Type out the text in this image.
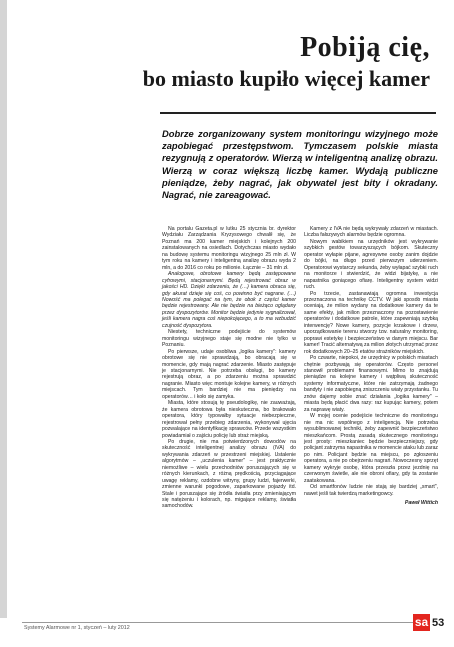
Pobiją cię,
bo miasto kupiło więcej kamer
Dobrze zorganizowany system monitoringu wizyjnego może zapobiegać przestępstwom. Tymczasem polskie miasta rezygnują z operatorów. Wierzą w inteligentną analizę obrazu. Wierzą w coraz większą liczbę kamer. Wydają publiczne pieniądze, żeby nagrać, jak obywatel jest bity i okradany. Nagrać, nie zareagować.

Na portalu Gazeta.pl w lutku 25 stycznia br. dyrektor Wydziału Zarządzania Kryzysowego chwalił się, że Poznań ma 200 kamer miejskich i kolejnych 200 zainstalowanych na osiedlach. Dotychczas miasto wydało na budowę systemu monitoringu wizyjnego 25 mln zł. W tym roku na kamery i inteligentną analizę obrazu wyda 2 mln, a do 2016 co roku po milionie. Łącznie – 31 mln zł.

Analogowe, obrotowe kamery będą zastępowane cyfrowymi, stacjonarnymi. Będą rejestrować obraz w jakości HD. Dzięki zdarzeniu, że (…) kamera obraca się, gdy akurat dzieje się coś, co powinno być nagrane. (…) Nowość ma polegać na tym, że obok z części kamer będzie rejestrowany. Ale nie będzie na bieżąco oglądany przez dyspozytorów. Monitor będzie jedynie sygnalizował, jeśli kamera nagra coś niepokojącego, a to ma wzbudzić czujność dyspozytora.

Niestety, techniczne podejście do systemów monitoringu wizyjnego staje się modne nie tylko w Poznaniu.

Po pierwsze, udaje osobliwa „logika kamery": kamery obrotowe się nie sprawdzają, bo obracają się w momencie, gdy mają nagrać zdarzenie. Miasto zastępuje je stacjonarnymi. Nie potrzeba obsługi, bo kamery rejestrują obraz, a po zdarzeniu można sprawdzić nagranie. Miasto więc montuje kolejne kamery, w różnych miejscach. Tym bardziej nie ma pieniędzy na operatorów… i koło się zamyka.

Miasta, które stosują tę pseudologikę, nie zauważają, że kamera obrotowa była nieskuteczna, bo brakowało operatora, który typowałby sytuacje niebezpieczne, rejestrował pełny przebieg zdarzenia, wykonywał ujęcia pozwalające na identyfikację sprawców. Przede wszystkim powiadamiał o zajściu policję lub straż miejską.

Po drugie, nie ma potwierdzonych dowodów na skuteczność inteligentnej analizy obrazu (IVA) do wykrywania zdarzeń w przestrzeni miejskiej. Ustalenie algorytmów – „uczulenia kamer" – jest praktycznie niemożliwe – wielu przechodniów poruszających się w różnych kierunkach, z różną prędkością, przyciągające uwagę reklamy, ozdobne witryny, grupy ludzi, fajerwerki, zmienne warunki pogodowe, zaparkowane pojazdy itd. Stale i poruszające się źródła światła przy zmieniającym się natężeniu i kolorach, np. migające reklamy, światła samochodów.

Kamery z IVA nie będą wykrywały zdarzeń w miastach. Liczba fałszywych alarmów będzie ogromna.

Nowym wabikiem na urzędników jest wykrywanie szybkich gestów towarzyszących bójkom. Skuteczny operator wyłapie pijane, agresywne osoby zanim dojdzie do bójki, na długo przed pierwszym uderzeniem. Operatorowi wystarczy sekunda, żeby wyłapać szybki ruch na monitorze i stwierdzić, że widzi bijatykę, a nie napastnika goniącego ofiarę. Inteligentny system widzi ruch.

Po trzecie, zastanawiają ogromna inwestycja przeznaczona na technikę CCTV. W jaki sposób miasta oceniają, że milion wydany na dodatkowe kamery da te same efekty, jak milion przeznaczony na pozostawienie operatorów i dodatkowe patrole, które zapewniają szybką interwencję? Nowe kamery, pozycje krzakowe i drzew, uporządkowanie terenu stworzy tzw. naturalny monitoring, poprawi estetykę i bezpieczeństwo w danym miejscu. Bar kamer! Tracić alternatywą za milion złotych utrzymać przez rok dodatkowych 20–25 etatów strażników miejskich.

Po czwarte, niepokoi, że urzędnicy w polskich miastach chętnie pozbywają się operatorów. Często personel stanowił problemami finansowymi. Mimo to znajdują pieniądze na kolejne kamery i wątpliwą skuteczność systemy informatyczne, które nie zatrzymają żadnego bandyty i nie zapobiegną zniszczeniu wiaty przystanku. Tu znów dajemy sobie znać działania „logika kamery" – miasta będą płacić dwa razy: raz kupując kamery, potem za naprawę wiaty.

W mojej ocenie podejście techniczne do monitoringu nie ma nic wspólnego z inteligencją. Nie potrzeba wysublimowanej techniki, żeby zapewnić bezpieczeństwo mieszkańcom. Prostą zasadą skutecznego monitoringu jest prosty: mieszkaniec będzie bezpieczniejszy, gdy policjant zatrzyma napastnika w momencie ataku lub zaraz po nim. Policjant będzie na miejscu, po zgłoszeniu operatora, a nie po obejrzeniu nagrań. Nowoczesny sprzęt kamery wykryje osobę, która przeszła przez jezdnię na czerwonym świetle, ale nie obroni ofiary, gdy ta zostanie zaatakowana.

Od smartfonów ludzie nie stają się bardziej „smart", nawet jeśli tak twierdzą marketingowcy.

Paweł Wittich

Systemy Alarmowe nr 1, styczeń – luty 2012	sa 53
